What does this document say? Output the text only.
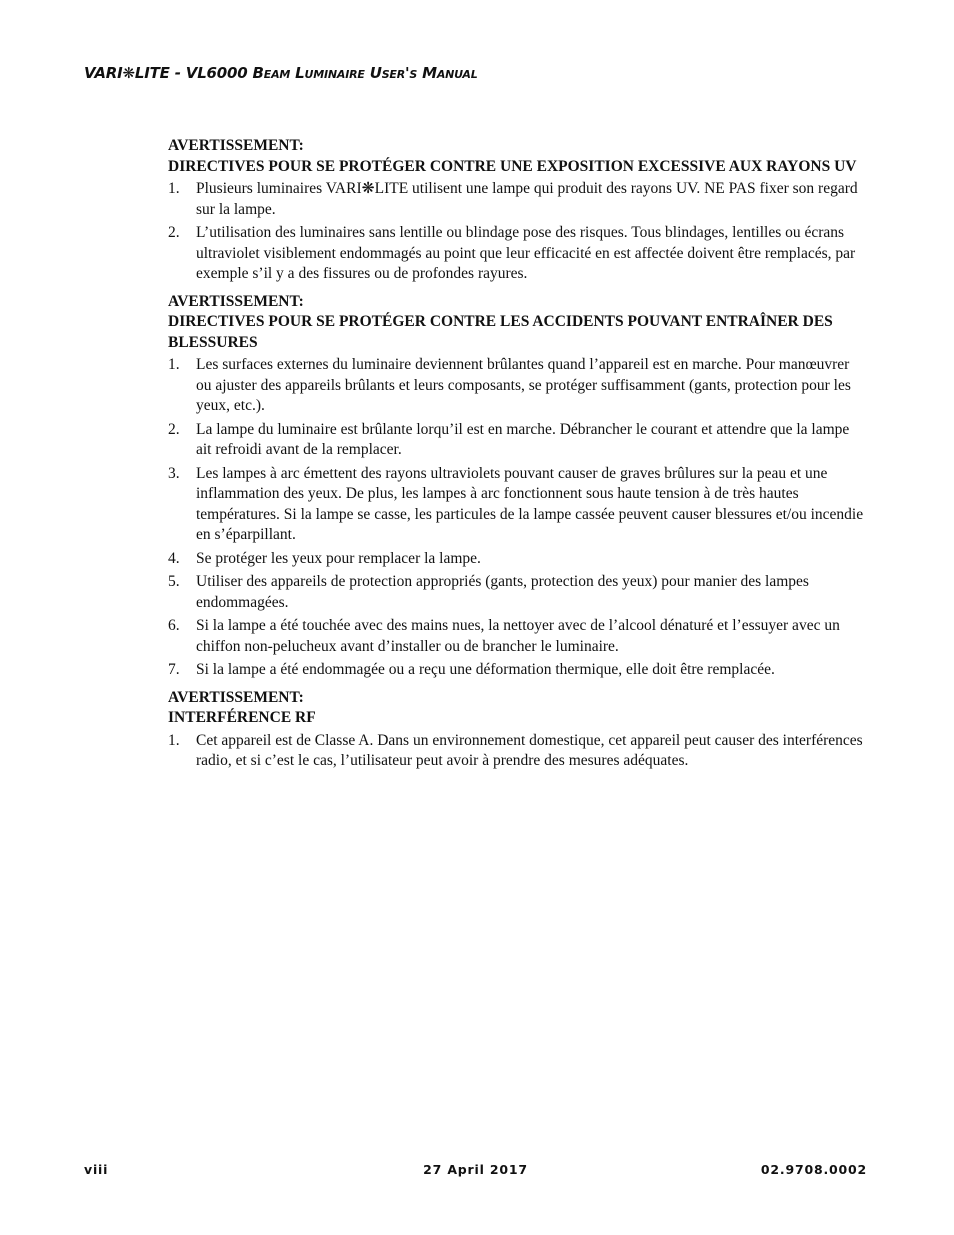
VARI❋LITE - VL6000 Beam Luminaire User's Manual
AVERTISSEMENT:
DIRECTIVES POUR SE PROTÉGER CONTRE UNE EXPOSITION EXCESSIVE AUX RAYONS UV
1. Plusieurs luminaires VARI❋LITE utilisent une lampe qui produit des rayons UV. NE PAS fixer son regard sur la lampe.
2. L’utilisation des luminaires sans lentille ou blindage pose des risques. Tous blindages, lentilles ou écrans ultraviolet visiblement endommagés au point que leur efficacité en est affectée doivent être remplacés, par exemple s’il y a des fissures ou de profondes rayures.
AVERTISSEMENT:
DIRECTIVES POUR SE PROTÉGER CONTRE LES ACCIDENTS POUVANT ENTRAÎNER DES BLESSURES
1. Les surfaces externes du luminaire deviennent brûlantes quand l’appareil est en marche. Pour manœuvrer ou ajuster des appareils brûlants et leurs composants, se protéger suffisamment (gants, protection pour les yeux, etc.).
2. La lampe du luminaire est brûlante lorqu’il est en marche. Débrancher le courant et attendre que la lampe ait refroidi avant de la remplacer.
3. Les lampes à arc émettent des rayons ultraviolets pouvant causer de graves brûlures sur la peau et une inflammation des yeux. De plus, les lampes à arc fonctionnent sous haute tension à de très hautes températures. Si la lampe se casse, les particules de la lampe cassée peuvent causer blessures et/ou incendie en s’éparpillant.
4. Se protéger les yeux pour remplacer la lampe.
5. Utiliser des appareils de protection appropriés (gants, protection des yeux) pour manier des lampes endommagées.
6. Si la lampe a été touchée avec des mains nues, la nettoyer avec de l’alcool dénaturé et l’essuyer avec un chiffon non-pelucheux avant d’installer ou de brancher le luminaire.
7. Si la lampe a été endommagée ou a reçu une déformation thermique, elle doit être remplacée.
AVERTISSEMENT:
INTERFÉRENCE RF
1. Cet appareil est de Classe A. Dans un environnement domestique, cet appareil peut causer des interférences radio, et si c’est le cas, l’utilisateur peut avoir à prendre des mesures adéquates.
viii	27 April 2017	02.9708.0002
